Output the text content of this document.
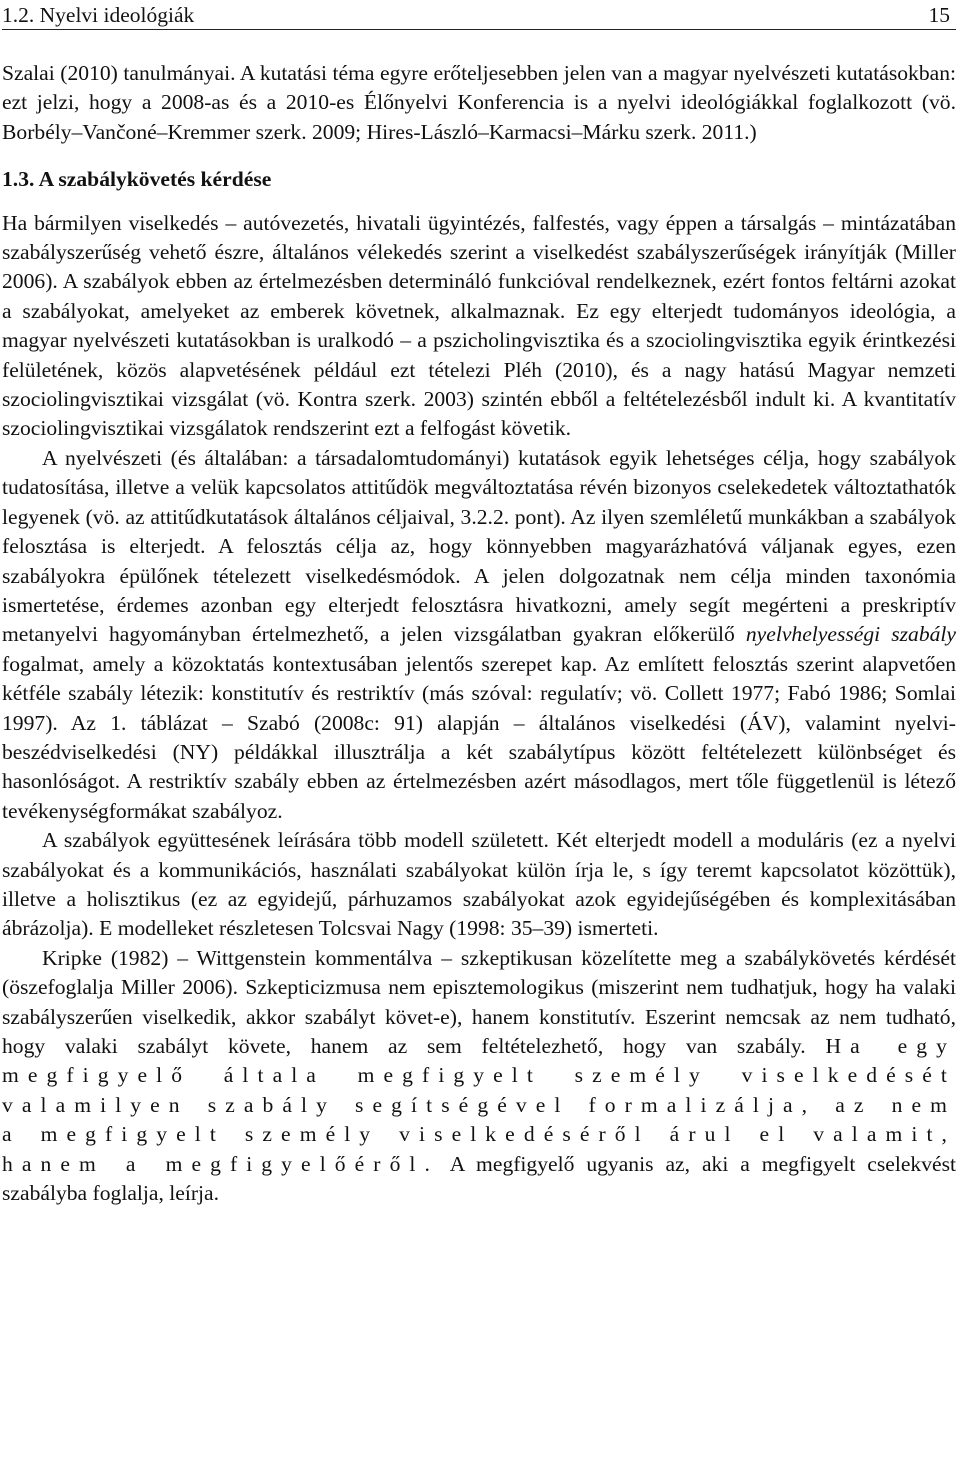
1.2. Nyelvi ideológiák	15

Szalai (2010) tanulmányai. A kutatási téma egyre erőteljesebben jelen van a magyar nyelvészeti kutatásokban: ezt jelzi, hogy a 2008-as és a 2010-es Élőnyelvi Konferencia is a nyelvi ideológiákkal foglalkozott (vö. Borbély–Vančoné–Kremmer szerk. 2009; Hires-László–Karmacsi–Márku szerk. 2011.)

1.3. A szabálykövetés kérdése

Ha bármilyen viselkedés – autóvezetés, hivatali ügyintézés, falfestés, vagy éppen a társalgás – mintázatában szabályszerűség vehető észre, általános vélekedés szerint a viselkedést szabályszerűségek irányítják (Miller 2006). A szabályok ebben az értelmezésben determináló funkcióval rendelkeznek, ezért fontos feltárni azokat a szabályokat, amelyeket az emberek követnek, alkalmaznak. Ez egy elterjedt tudományos ideológia, a magyar nyelvészeti kutatásokban is uralkodó – a pszicholingvisztika és a szociolingvisztika egyik érintkezési felületének, közös alapvetésének például ezt tételezi Pléh (2010), és a nagy hatású Magyar nemzeti szociolingvisztikai vizsgálat (vö. Kontra szerk. 2003) szintén ebből a feltételezésből indult ki. A kvantitatív szociolingvisztikai vizsgálatok rendszerint ezt a felfogást követik.

A nyelvészeti (és általában: a társadalomtudományi) kutatások egyik lehetséges célja, hogy szabályok tudatosítása, illetve a velük kapcsolatos attitűdök megváltoztatása révén bizonyos cselekedetek változtathatók legyenek (vö. az attitűdkutatások általános céljaival, 3.2.2. pont). Az ilyen szemléletű munkákban a szabályok felosztása is elterjedt. A felosztás célja az, hogy könnyebben magyarázhatóvá váljanak egyes, ezen szabályokra épülőnek tételezett viselkedésmódok. A jelen dolgozatnak nem célja minden taxonómia ismertetése, érdemes azonban egy elterjedt felosztásra hivatkozni, amely segít megérteni a preskriptív metanyelvi hagyományban értelmezhető, a jelen vizsgálatban gyakran előkerülő nyelvhelyességi szabály fogalmat, amely a közoktatás kontextusában jelentős szerepet kap. Az említett felosztás szerint alapvetően kétféle szabály létezik: konstitutív és restriktív (más szóval: regulatív; vö. Collett 1977; Fabó 1986; Somlai 1997). Az 1. táblázat – Szabó (2008c: 91) alapján – általános viselkedési (ÁV), valamint nyelvi-beszédviselkedési (NY) példákkal illusztrálja a két szabálytípus között feltételezett különbséget és hasonlóságot. A restriktív szabály ebben az értelmezésben azért másodlagos, mert tőle függetlenül is létező tevékenységformákat szabályoz.

A szabályok együttesének leírására több modell született. Két elterjedt modell a moduláris (ez a nyelvi szabályokat és a kommunikációs, használati szabályokat külön írja le, s így teremt kapcsolatot közöttük), illetve a holisztikus (ez az egyidejű, párhuzamos szabályokat azok egyidejűségében és komplexitásában ábrázolja). E modelleket részletesen Tolcsvai Nagy (1998: 35–39) ismerteti.

Kripke (1982) – Wittgenstein kommentálva – szkeptikusan közelítette meg a szabálykövetés kérdését (öszefoglalja Miller 2006). Szkepticizmusa nem episztemologikus (miszerint nem tudhatjuk, hogy ha valaki szabályszerűen viselkedik, akkor szabályt követ-e), hanem konstitutív. Eszerint nemcsak az nem tudható, hogy valaki szabályt követe, hanem az sem feltételezhető, hogy van szabály. Ha egy megfigyelő általa megfigyelt személy viselkedését valamilyen szabály segítségével formalizálja, az nem a megfigyelt személy viselkedéséről árul el valamit, hanem a megfigyelőéről. A megfigyelő ugyanis az, aki a megfigyelt cselekvést szabályba foglalja, leírja.
